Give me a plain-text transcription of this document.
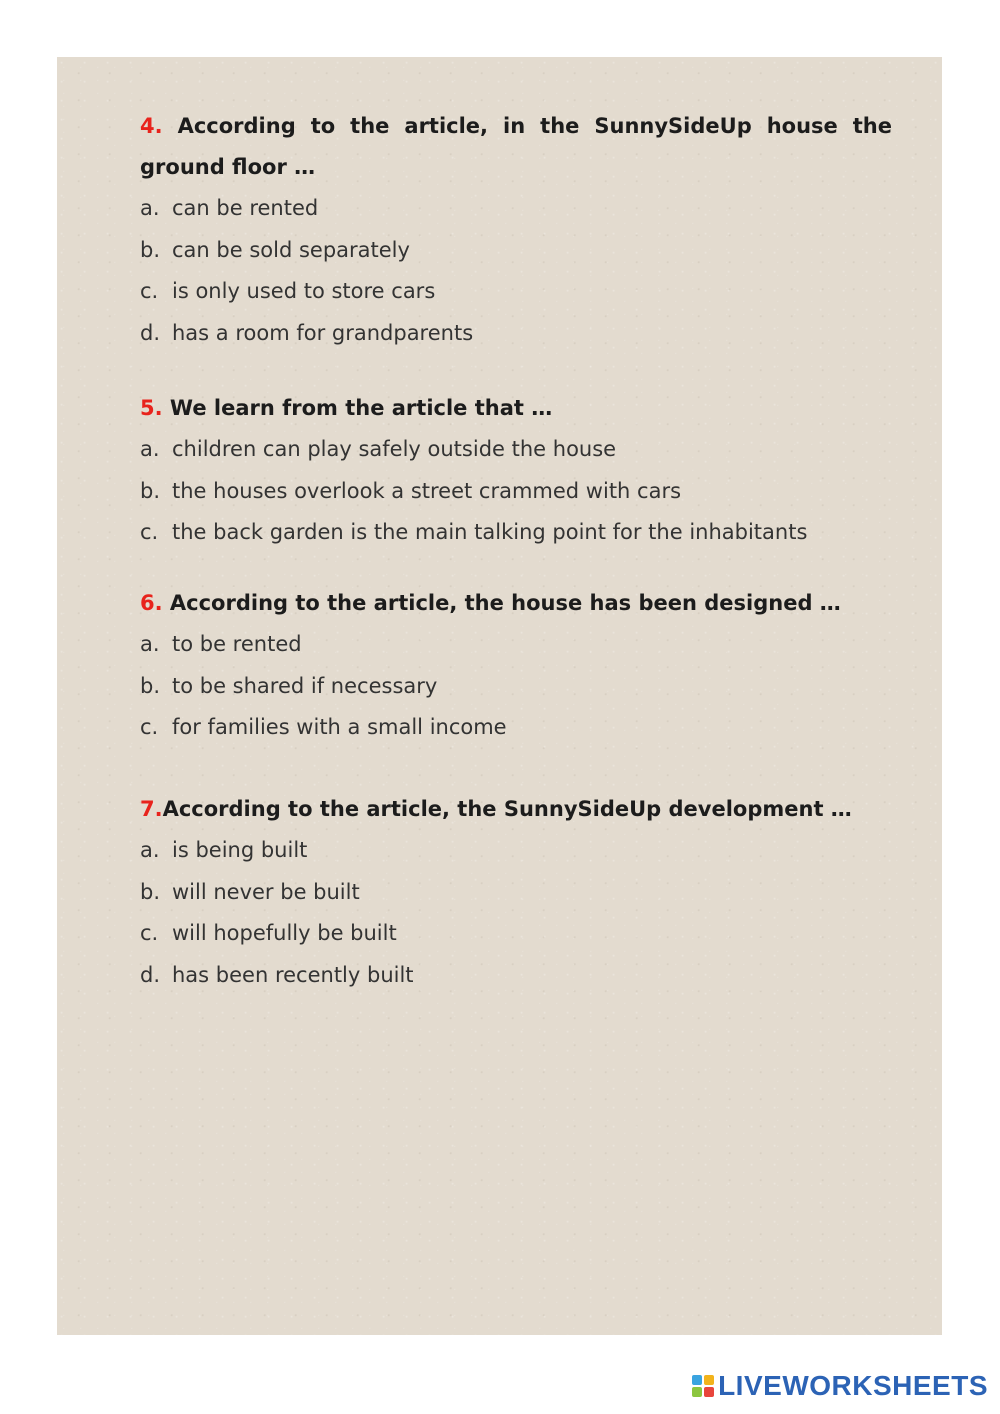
4. According to the article, in the SunnySideUp house the ground floor …
a. can be rented
b. can be sold separately
c. is only used to store cars
d. has a room for grandparents
5. We learn from the article that …
a. children can play safely outside the house
b. the houses overlook a street crammed with cars
c. the back garden is the main talking point for the inhabitants
6. According to the article, the house has been designed …
a. to be rented
b. to be shared if necessary
c. for families with a small income
7.According to the article, the SunnySideUp development …
a. is being built
b. will never be built
c. will hopefully be built
d. has been recently built
LIVEWORKSHEETS
